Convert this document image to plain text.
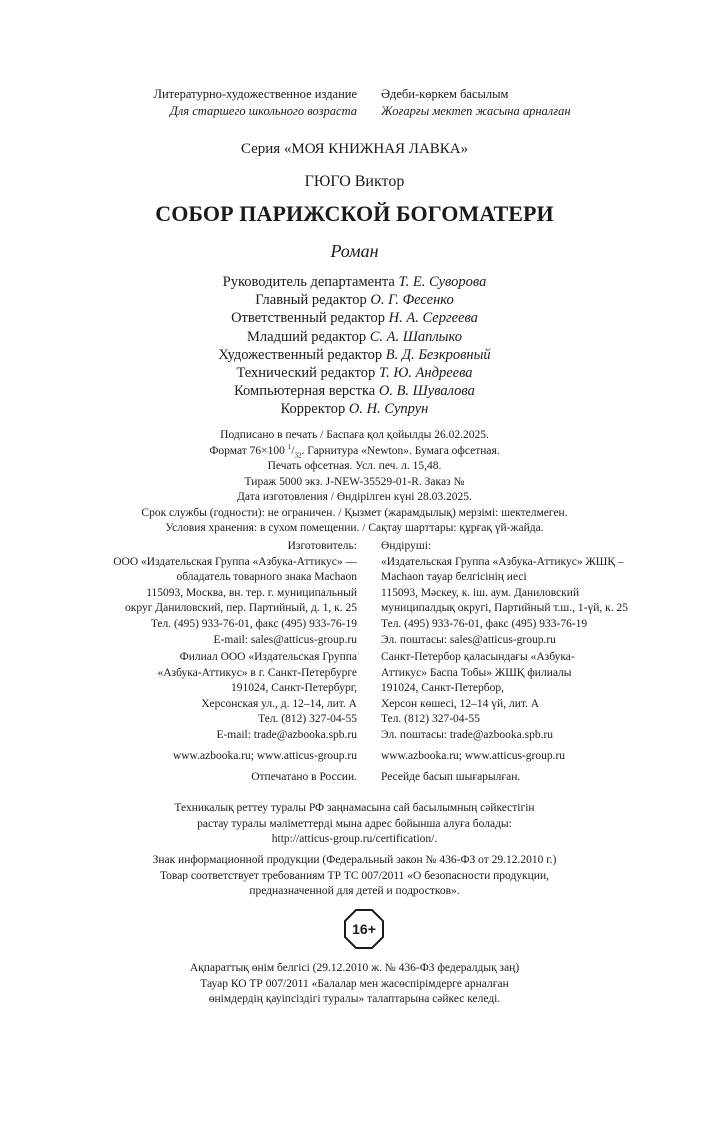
Литературно-художественное издание
Для старшего школьного возраста
Әдеби-көркем басылым
Жоғарғы мектеп жасына арналған
Серия «МОЯ КНИЖНАЯ ЛАВКА»
ГЮГО Виктор
СОБОР ПАРИЖСКОЙ БОГОМАТЕРИ
Роман
Руководитель департамента Т. Е. Суворова
Главный редактор О. Г. Фесенко
Ответственный редактор Н. А. Сергеева
Младший редактор С. А. Шаплыко
Художественный редактор В. Д. Безкровный
Технический редактор Т. Ю. Андреева
Компьютерная верстка О. В. Шувалова
Корректор О. Н. Супрун
Подписано в печать / Баспаға қол қойылды 26.02.2025.
Формат 76×100 $^1/_{32}$. Гарнитура «Newton». Бумага офсетная.
Печать офсетная. Усл. печ. л. 15,48.
Тираж 5000 экз. J-NEW-35529-01-R. Заказ №
Дата изготовления / Өндірілген күні 28.03.2025.
Срок службы (годности): не ограничен. / Қызмет (жарамдылық) мерзімі: шектелмеген.
Условия хранения: в сухом помещении. / Сақтау шарттары: құрғақ үй-жайда.
Изготовитель:
ООО «Издательская Группа «Азбука-Аттикус» —
обладатель товарного знака Machaon
115093, Москва, вн. тер. г. муниципальный
округ Даниловский, пер. Партийный, д. 1, к. 25
Тел. (495) 933-76-01, факс (495) 933-76-19
E-mail: sales@atticus-group.ru
Филиал ООО «Издательская Группа
«Азбука-Аттикус» в г. Санкт-Петербурге
191024, Санкт-Петербург,
Херсонская ул., д. 12–14, лит. А
Тел. (812) 327-04-55
E-mail: trade@azbooka.spb.ru
www.azbooka.ru; www.atticus-group.ru
Отпечатано в России.
Өндіруші:
«Издательская Группа «Азбука-Аттикус» ЖШҚ –
Machaon тауар белгісінің иесі
115093, Мәскеу, к. іш. аум. Даниловский
муниципалдық округі, Партийный т.ш., 1-үй, к. 25
Тел. (495) 933-76-01, факс (495) 933-76-19
Эл. поштасы: sales@atticus-group.ru
Санкт-Петербор қаласындағы «Азбука-
Аттикус» Баспа Тобы» ЖШҚ филиалы
191024, Санкт-Петербор,
Херсон көшесі, 12–14 үй, лит. А
Тел. (812) 327-04-55
Эл. поштасы: trade@azbooka.spb.ru
www.azbooka.ru; www.atticus-group.ru
Ресейде басып шығарылған.
Техникалық реттеу туралы РФ заңнамасына сай басылымның сәйкестігін
растау туралы мәліметтерді мына адрес бойынша алуға болады:
http://atticus-group.ru/certification/.
Знак информационной продукции (Федеральный закон № 436-ФЗ от 29.12.2010 г.)
Товар соответствует требованиям ТР ТС 007/2011 «О безопасности продукции,
предназначенной для детей и подростков».
16+
Ақпараттық өнім белгісі (29.12.2010 ж. № 436-ФЗ федералдық заң)
Тауар КО ТР 007/2011 «Балалар мен жасөспірімдерге арналған
өнімдердің қауіпсіздігі туралы» талаптарына сәйкес келеді.
